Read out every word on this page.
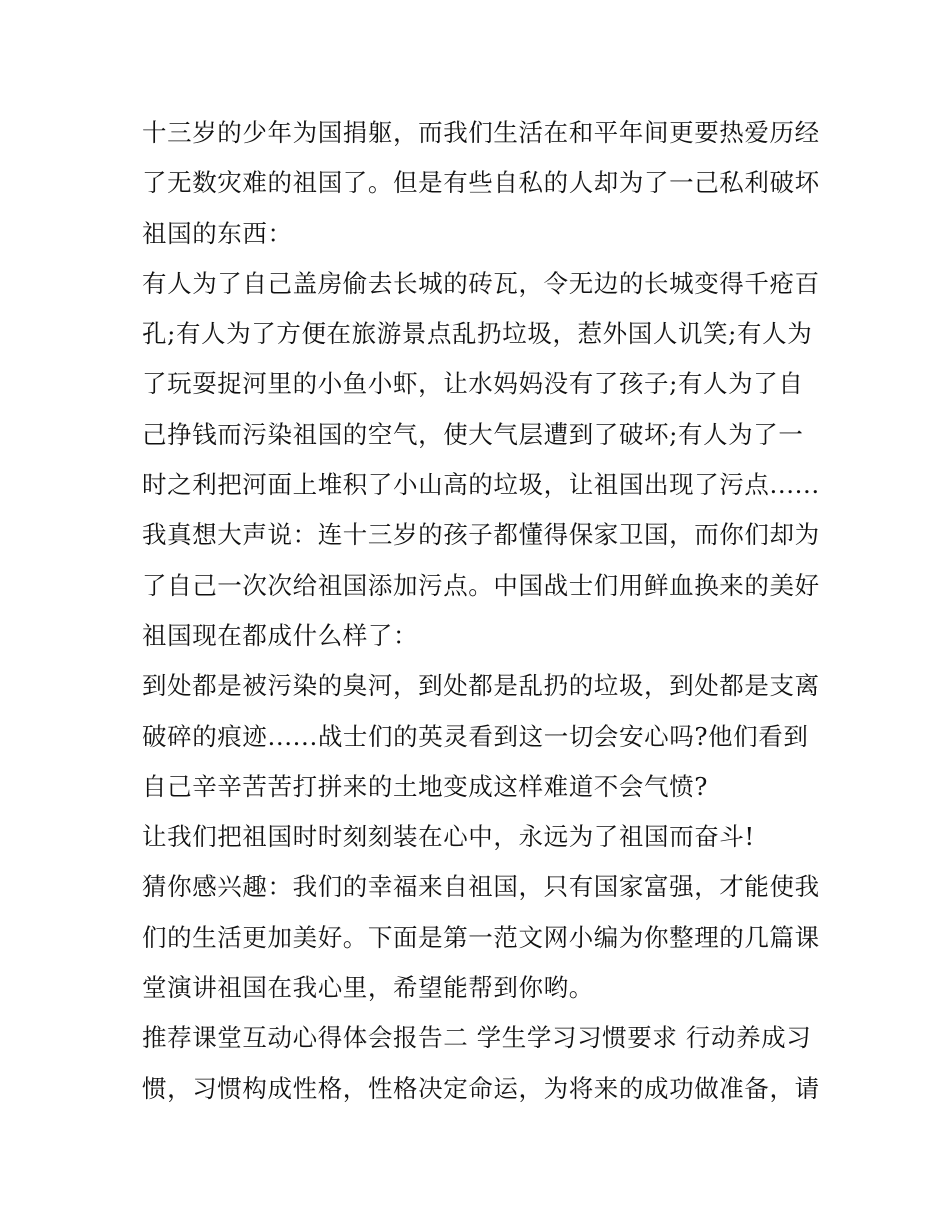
十三岁的少年为国捐躯，而我们生活在和平年间更要热爱历经
了无数灾难的祖国了。但是有些自私的人却为了一己私利破坏
祖国的东西：
有人为了自己盖房偷去长城的砖瓦，令无边的长城变得千疮百
孔;有人为了方便在旅游景点乱扔垃圾，惹外国人讥笑;有人为
了玩耍捉河里的小鱼小虾，让水妈妈没有了孩子;有人为了自
己挣钱而污染祖国的空气，使大气层遭到了破坏;有人为了一
时之利把河面上堆积了小山高的垃圾，让祖国出现了污点......
我真想大声说：连十三岁的孩子都懂得保家卫国，而你们却为
了自己一次次给祖国添加污点。中国战士们用鲜血换来的美好
祖国现在都成什么样了：
到处都是被污染的臭河，到处都是乱扔的垃圾，到处都是支离
破碎的痕迹......战士们的英灵看到这一切会安心吗?他们看到
自己辛辛苦苦打拼来的土地变成这样难道不会气愤?
让我们把祖国时时刻刻装在心中，永远为了祖国而奋斗!
猜你感兴趣：我们的幸福来自祖国，只有国家富强，才能使我
们的生活更加美好。下面是第一范文网小编为你整理的几篇课
堂演讲祖国在我心里，希望能帮到你哟。
推荐课堂互动心得体会报告二 学生学习习惯要求 行动养成习
惯，习惯构成性格，性格决定命运，为将来的成功做准备，请
